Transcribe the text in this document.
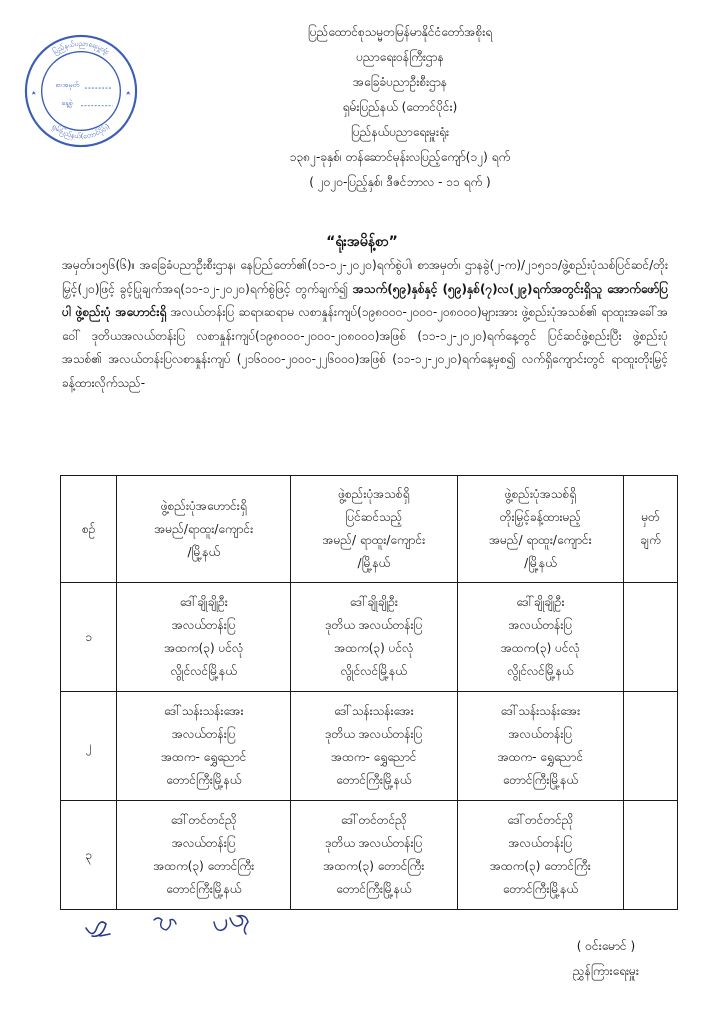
ပြည်နယ်ပညာရေးမှူးရုံး
ရှမ်းပြည်နယ်(တောင်ပိုင်း)
စာအမှတ်
နေ့စွဲ
ပြည်ထောင်စုသမ္မတမြန်မာနိုင်ငံတော်အစိုးရ
ပညာရေးဝန်ကြီးဌာန
အခြေခံပညာဦးစီးဌာန
ရှမ်းပြည်နယ် (တောင်ပိုင်း)
ပြည်နယ်ပညာရေးမှူးရုံး
၁၃၈၂-ခုနှစ်၊ တန်ဆောင်မုန်းလပြည့်ကျော်(၁၂) ရက်
( ၂၀၂၀-ပြည့်နှစ်၊ ဒီဇင်ဘာလ - ၁၁ ရက် )
“ရုံးအမိန့်စာ”
အမှတ်။၁၅၆(၆)။ အခြေခံပညာဦးစီးဌာန၊ နေပြည်တော်၏(၁၁-၁၂-၂၀၂၀)ရက်စွဲပါ၊ စာအမှတ်၊ ဌာနခွဲ(၂-က)/၂၁၅၁၁/ဖွဲ့စည်းပုံသစ်ပြင်ဆင်/တိုးမြှင့်(၂၀)ဖြင့် ခွင့်ပြုချက်အရ(၁၁-၁၂-၂၀၂၀)ရက်စွဲဖြင့် တွက်ချက်၍ အသက်(၅၉)နှစ်နှင့် (၅၉)နှစ်(၇)လ(၂၉)ရက်အတွင်းရှိသူ အောက်ဖော်ပြပါ ဖွဲ့စည်းပုံ အဟောင်းရှိ အလယ်တန်းပြ ဆရာ၊ဆရာမ လစာနှုန်းကျပ်(၁၉၈၀၀၀-၂၀၀၀-၂၀၈၀၀၀)များအား ဖွဲ့စည်းပုံအသစ်၏ ရာထူးအခေါ်အဝေါ် ဒုတိယအလယ်တန်းပြ လစာနှုန်းကျပ်(၁၉၈၀၀၀-၂၀၀၀-၂၀၈၀၀၀)အဖြစ် (၁၁-၁၂-၂၀၂၀)ရက်နေ့တွင် ပြင်ဆင်ဖွဲ့စည်းပြီး ဖွဲ့စည်းပုံအသစ်၏ အလယ်တန်းပြလစာနှုန်းကျပ် (၂၁၆၀၀၀-၂၀၀၀-၂၂၆၀၀၀)အဖြစ် (၁၁-၁၂-၂၀၂၀)ရက်နေ့မှစ၍ လက်ရှိကျောင်းတွင် ရာထူးတိုးမြှင့် ခန့်ထားလိုက်သည်-
စဉ်	ဖွဲ့စည်းပုံအဟောင်းရှိ
အမည်/ရာထူး/ကျောင်း
/မြို့နယ်	ဖွဲ့စည်းပုံအသစ်ရှိ
ပြင်ဆင်သည့်
အမည်/ ရာထူး/ကျောင်း
/မြို့နယ်	ဖွဲ့စည်းပုံအသစ်ရှိ
တိုးမြှင့်ခန့်ထားမည့်
အမည်/ ရာထူး/ကျောင်း
/မြို့နယ်	မှတ်
ချက်

၁	ဒေါ်ချိုချိုဦး
အလယ်တန်းပြ
အထက(၃) ပင်လုံ
လွိုင်လင်မြို့နယ်	ဒေါ်ချိုချိုဦး
ဒုတိယ အလယ်တန်းပြ
အထက(၃) ပင်လုံ
လွိုင်လင်မြို့နယ်	ဒေါ်ချိုချိုဦး
အလယ်တန်းပြ
အထက(၃) ပင်လုံ
လွိုင်လင်မြို့နယ်	

၂	ဒေါ်သန်းသန်းအေး
အလယ်တန်းပြ
အထက- ရွှေညောင်
တောင်ကြီးမြို့နယ်	ဒေါ်သန်းသန်းအေး
ဒုတိယ အလယ်တန်းပြ
အထက- ရွှေညောင်
တောင်ကြီးမြို့နယ်	ဒေါ်သန်းသန်းအေး
အလယ်တန်းပြ
အထက- ရွှေညောင်
တောင်ကြီးမြို့နယ်	

၃	ဒေါ်တင်တင်ညို
အလယ်တန်းပြ
အထက(၃) တောင်ကြီး
တောင်ကြီးမြို့နယ်	ဒေါ်တင်တင်ညို
ဒုတိယ အလယ်တန်းပြ
အထက(၃) တောင်ကြီး
တောင်ကြီးမြို့နယ်	ဒေါ်တင်တင်ညို
အလယ်တန်းပြ
အထက(၃) တောင်ကြီး
တောင်ကြီးမြို့နယ်	

( ဝင်းမောင် )
ညွှန်ကြားရေးမှူး
